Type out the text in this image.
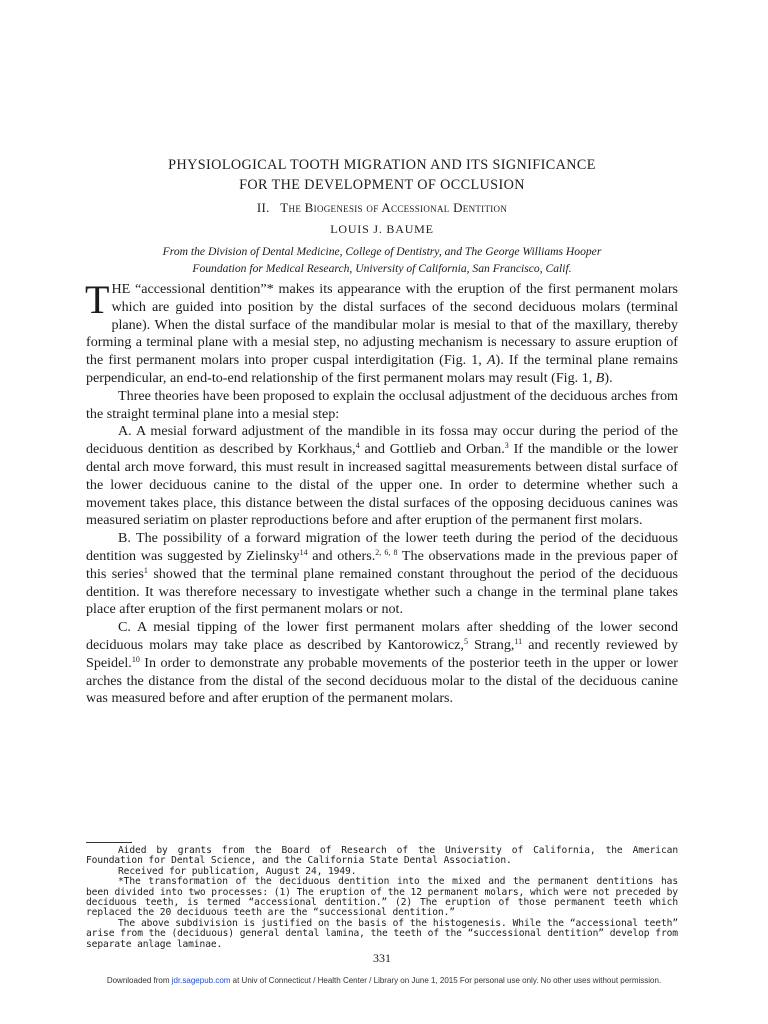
PHYSIOLOGICAL TOOTH MIGRATION AND ITS SIGNIFICANCE
FOR THE DEVELOPMENT OF OCCLUSION
II. The Biogenesis of Accessional Dentition
LOUIS J. BAUME
From the Division of Dental Medicine, College of Dentistry, and The George Williams Hooper
Foundation for Medical Research, University of California, San Francisco, Calif.

THE “accessional dentition”* makes its appearance with the eruption of the first permanent molars which are guided into position by the distal surfaces of the second deciduous molars (terminal plane). When the distal surface of the mandibular molar is mesial to that of the maxillary, thereby forming a terminal plane with a mesial step, no adjusting mechanism is necessary to assure eruption of the first permanent molars into proper cuspal interdigitation (Fig. 1, A). If the terminal plane remains perpendicular, an end-to-end relationship of the first permanent molars may result (Fig. 1, B).

Three theories have been proposed to explain the occlusal adjustment of the deciduous arches from the straight terminal plane into a mesial step:

A. A mesial forward adjustment of the mandible in its fossa may occur during the period of the deciduous dentition as described by Korkhaus,$^4$ and Gottlieb and Orban.$^3$ If the mandible or the lower dental arch move forward, this must result in increased sagittal measurements between distal surface of the lower deciduous canine to the distal of the upper one. In order to determine whether such a movement takes place, this distance between the distal surfaces of the opposing deciduous canines was measured seriatim on plaster reproductions before and after eruption of the permanent first molars.

B. The possibility of a forward migration of the lower teeth during the period of the deciduous dentition was suggested by Zielinsky$^{14}$ and others.$^{2, 6, 8}$ The observations made in the previous paper of this series$^1$ showed that the terminal plane remained constant throughout the period of the deciduous dentition. It was therefore necessary to investigate whether such a change in the terminal plane takes place after eruption of the first permanent molars or not.

C. A mesial tipping of the lower first permanent molars after shedding of the lower second deciduous molars may take place as described by Kantorowicz,$^5$ Strang,$^{11}$ and recently reviewed by Speidel.$^{10}$ In order to demonstrate any probable movements of the posterior teeth in the upper or lower arches the distance from the distal of the second deciduous molar to the distal of the deciduous canine was measured before and after eruption of the permanent molars.

Aided by grants from the Board of Research of the University of California, the American Foundation for Dental Science, and the California State Dental Association.

Received for publication, August 24, 1949.

*The transformation of the deciduous dentition into the mixed and the permanent dentitions has been divided into two processes: (1) The eruption of the 12 permanent molars, which were not preceded by deciduous teeth, is termed “accessional dentition.” (2) The eruption of those permanent teeth which replaced the 20 deciduous teeth are the “successional dentition.”

The above subdivision is justified on the basis of the histogenesis. While the “accessional teeth” arise from the (deciduous) general dental lamina, the teeth of the “successional dentition” develop from separate anlage laminae.

331
Downloaded from jdr.sagepub.com at Univ of Connecticut / Health Center / Library on June 1, 2015 For personal use only. No other uses without permission.
